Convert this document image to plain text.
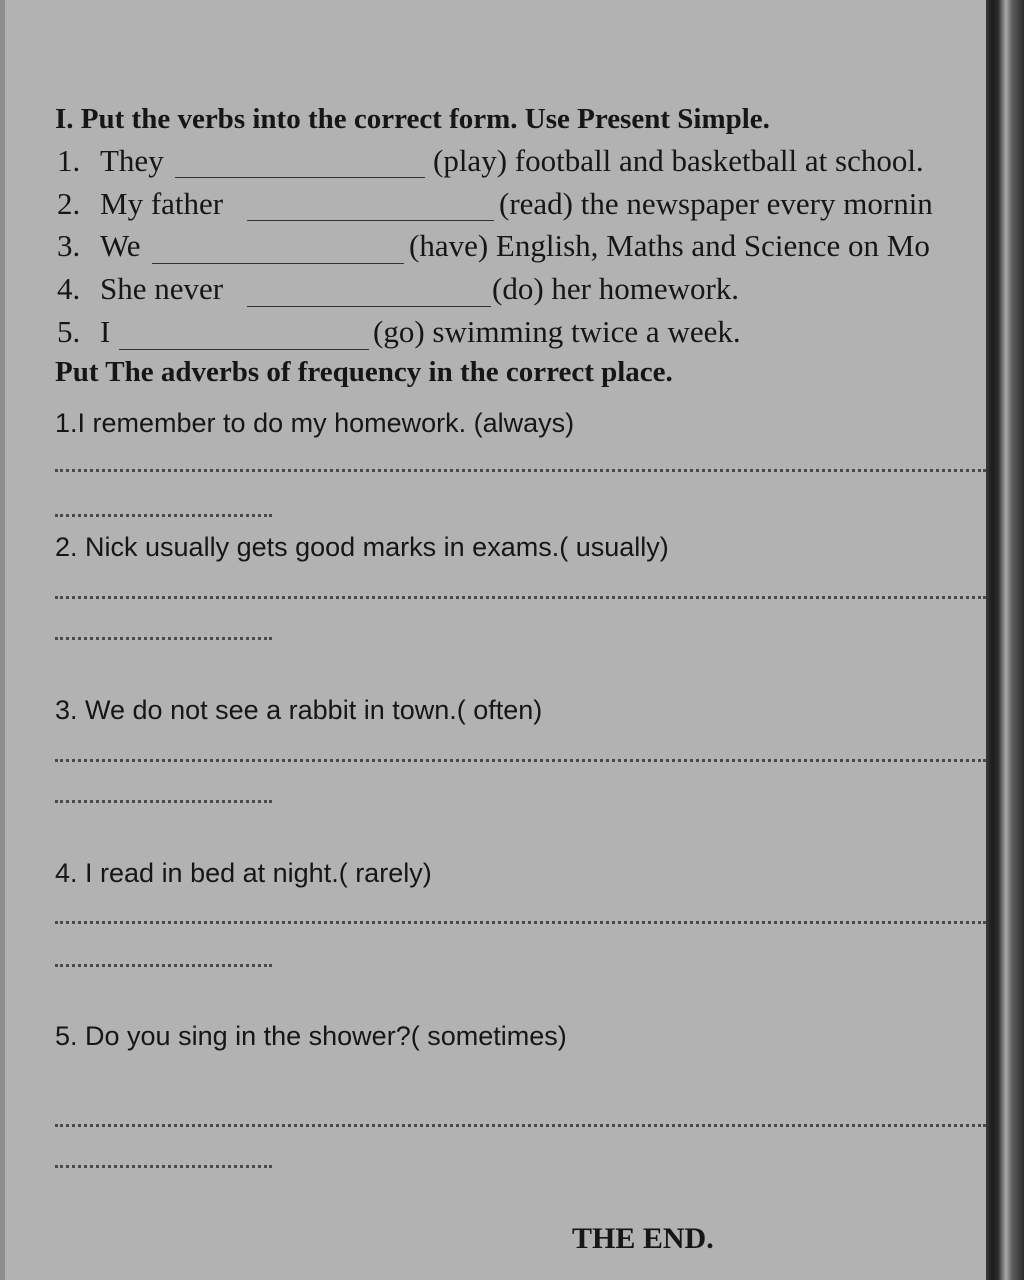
I. Put the verbs into the correct form. Use Present Simple.
1. They	(play) football and basketball at school.
2. My father	(read) the newspaper every mornin
3. We	(have) English, Maths and Science on Mo
4. She never	(do) her homework.
5. I	(go) swimming twice a week.
Put The adverbs of frequency in the correct place.
1.I remember to do my homework. (always)
2. Nick usually gets good marks in exams.( usually)
3. We do not see a rabbit in town.( often)
4. I read in bed at night.( rarely)
5. Do you sing in the shower?( sometimes)
THE END.
